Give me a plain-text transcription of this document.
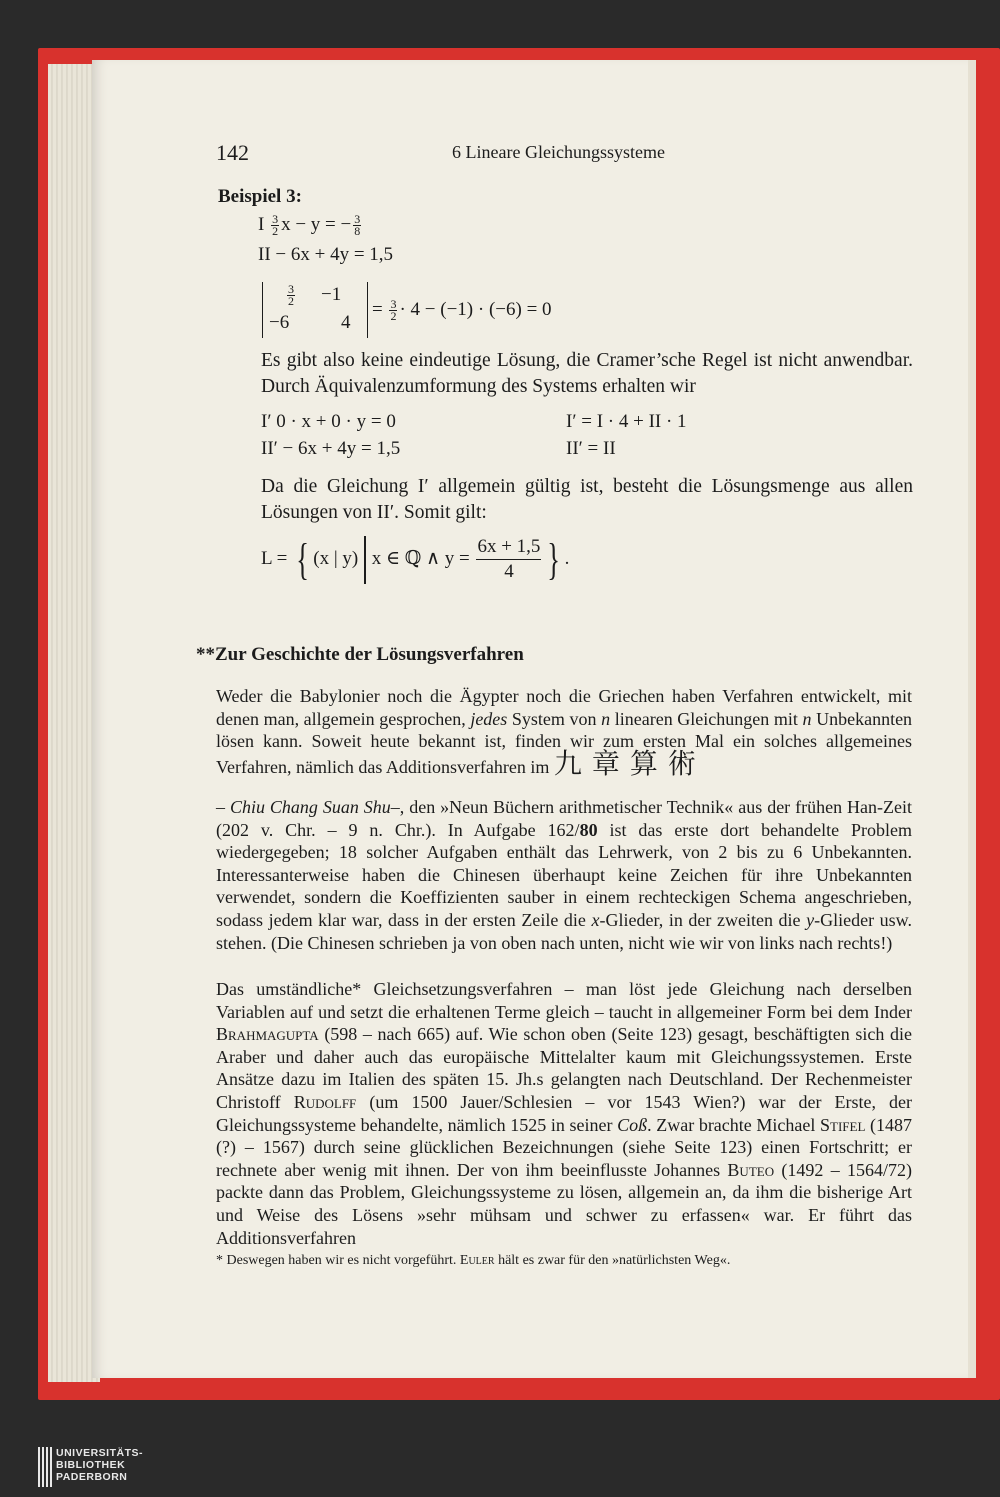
142	6 Lineare Gleichungssysteme
Beispiel 3:
I $\frac{3}{2}$ x − y = − $\frac{3}{8}$
II − 6x + 4y = 1,5
$\frac{3}{2} -1$
−6	4
= $\frac{3}{2} \cdot 4 - (-1) \cdot (-6) = 0$
Es gibt also keine eindeutige Lösung, die Cramer’sche Regel ist nicht anwendbar. Durch Äquivalenzumformung des Systems erhalten wir
I′ 0 · x + 0 · y = 0	I′ = I · 4 + II · 1
II′ − 6x + 4y = 1,5	II′ = II
Da die Gleichung I′ allgemein gültig ist, besteht die Lösungsmenge aus allen Lösungen von II′. Somit gilt:
L = { (x | y) x ∈ ℚ ∧ $y = \frac{6x + 1,5}{4}$ } .
**Zur Geschichte der Lösungsverfahren
Weder die Babylonier noch die Ägypter noch die Griechen haben Verfahren entwickelt, mit denen man, allgemein gesprochen, jedes System von n linearen Gleichungen mit n Unbekannten lösen kann. Soweit heute bekannt ist, finden wir zum ersten Mal ein solches allgemeines Verfahren, nämlich das Additionsverfahren im 九章算術
– Chiu Chang Suan Shu–, den »Neun Büchern arithmetischer Technik« aus der frühen Han-Zeit (202 v. Chr. – 9 n. Chr.). In Aufgabe 162/80 ist das erste dort behandelte Problem wiedergegeben; 18 solcher Aufgaben enthält das Lehrwerk, von 2 bis zu 6 Unbekannten. Interessanterweise haben die Chinesen überhaupt keine Zeichen für ihre Unbekannten verwendet, sondern die Koeffizienten sauber in einem rechteckigen Schema angeschrieben, sodass jedem klar war, dass in der ersten Zeile die x-Glieder, in der zweiten die y-Glieder usw. stehen. (Die Chinesen schrieben ja von oben nach unten, nicht wie wir von links nach rechts!)
Das umständliche* Gleichsetzungsverfahren – man löst jede Gleichung nach derselben Variablen auf und setzt die erhaltenen Terme gleich – taucht in allgemeiner Form bei dem Inder Brahmagupta (598 – nach 665) auf. Wie schon oben (Seite 123) gesagt, beschäftigten sich die Araber und daher auch das europäische Mittelalter kaum mit Gleichungssystemen. Erste Ansätze dazu im Italien des späten 15. Jh.s gelangten nach Deutschland. Der Rechenmeister Christoff Rudolff (um 1500 Jauer/Schlesien – vor 1543 Wien?) war der Erste, der Gleichungssysteme behandelte, nämlich 1525 in seiner Coß. Zwar brachte Michael Stifel (1487 (?) – 1567) durch seine glücklichen Bezeichnungen (siehe Seite 123) einen Fortschritt; er rechnete aber wenig mit ihnen. Der von ihm beeinflusste Johannes Buteo (1492 – 1564/72) packte dann das Problem, Gleichungssysteme zu lösen, allgemein an, da ihm die bisherige Art und Weise des Lösens »sehr mühsam und schwer zu erfassen« war. Er führt das Additionsverfahren
* Deswegen haben wir es nicht vorgeführt. Euler hält es zwar für den »natürlichsten Weg«.
UNIVERSITÄTS-
BIBLIOTHEK
PADERBORN
